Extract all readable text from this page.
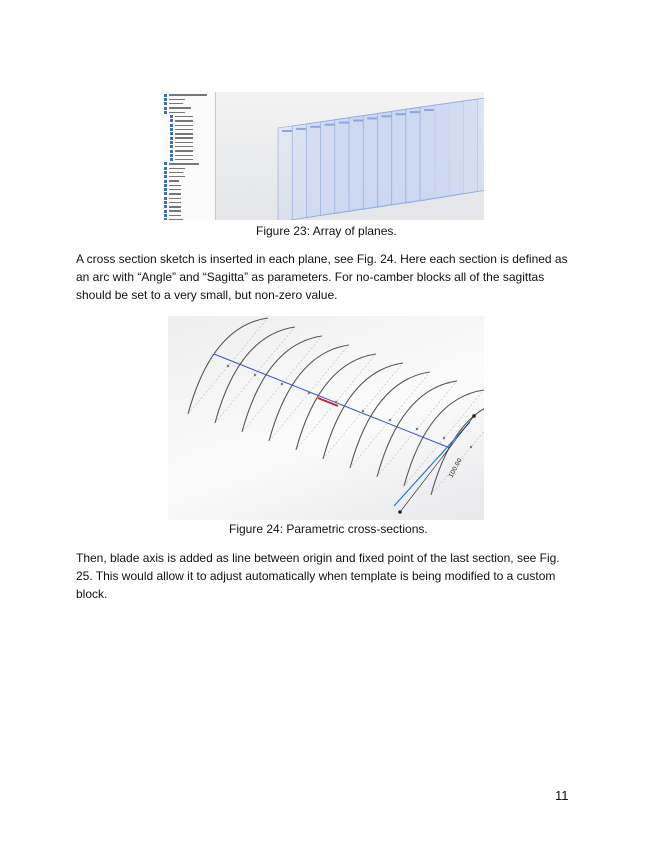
Figure 23: Array of planes.

A cross section sketch is inserted in each plane, see Fig. 24. Here each section is defined as an arc with “Angle” and “Sagitta” as parameters. For no-camber blocks all of the sagittas should be set to a very small, but non-zero value.

100.00
Figure 24: Parametric cross-sections.

Then, blade axis is added as line between origin and fixed point of the last section, see Fig. 25. This would allow it to adjust automatically when template is being modified to a custom block.

11
